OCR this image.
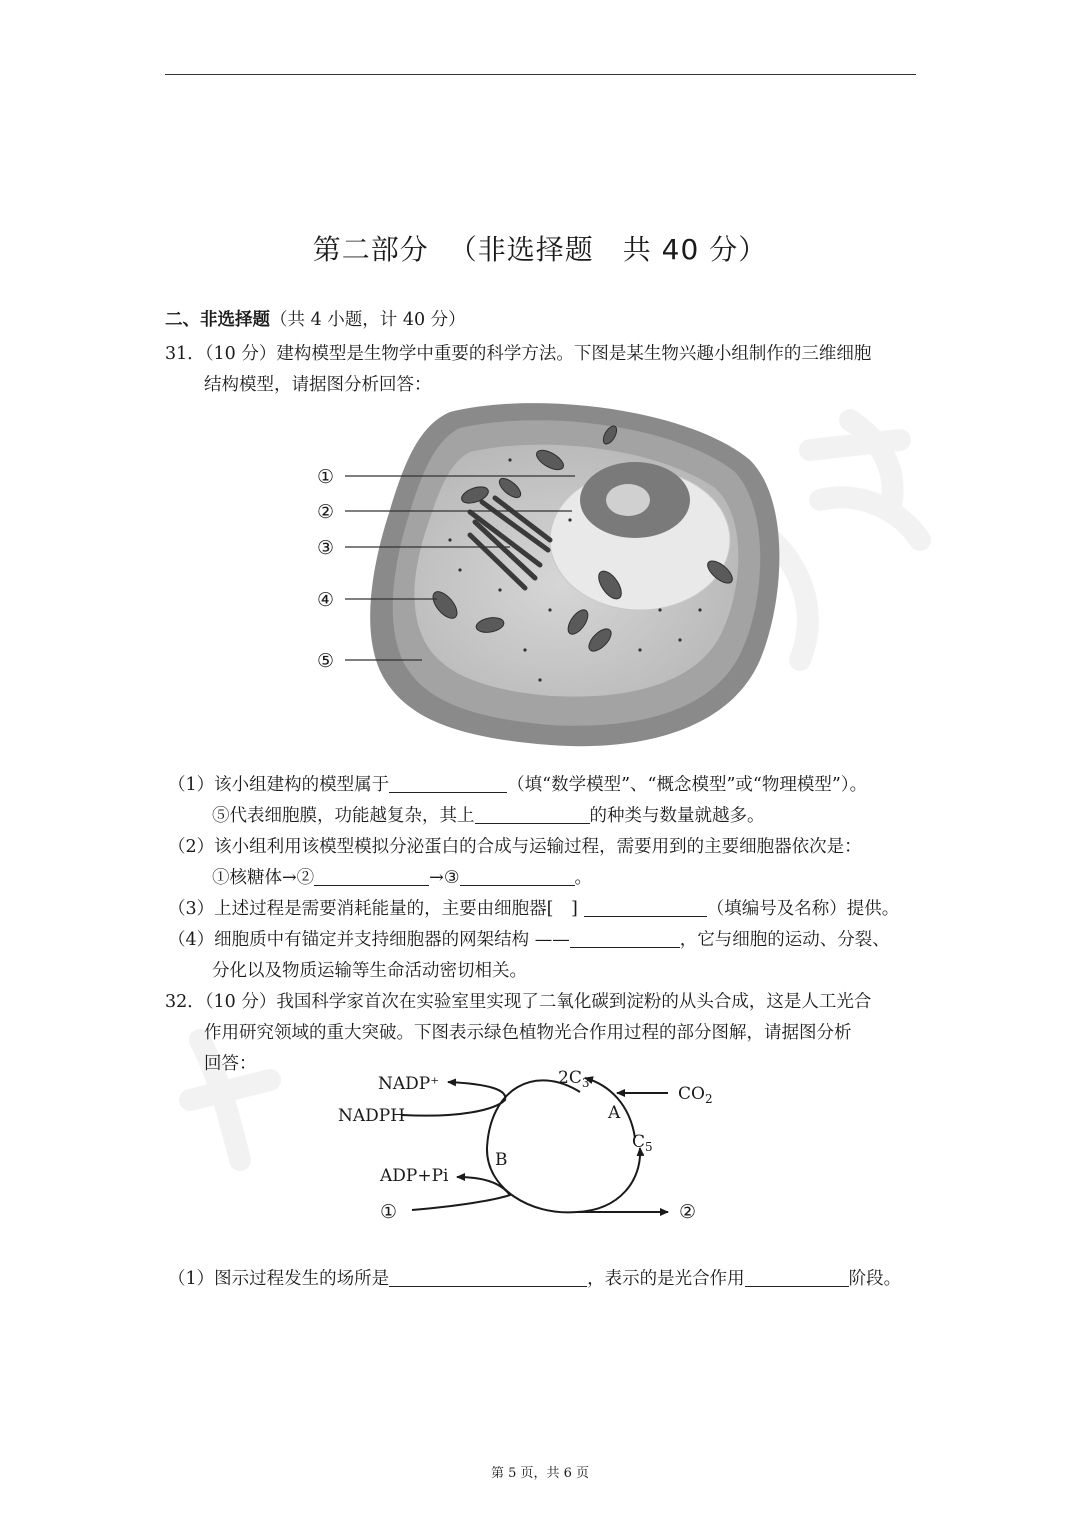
第二部分 （非选择题　共 40 分）
二、非选择题（共 4 小题，计 40 分）
31．（10 分）建构模型是生物学中重要的科学方法。下图是某生物兴趣小组制作的三维细胞
结构模型，请据图分析回答：
①
②
③
④
⑤
（1）该小组建构的模型属于	（填“数学模型”、“概念模型”或“物理模型”）。
⑤代表细胞膜，功能越复杂，其上	的种类与数量就越多。
（2）该小组利用该模型模拟分泌蛋白的合成与运输过程，需要用到的主要细胞器依次是：
①核糖体→②	→③	。
（3）上述过程是需要消耗能量的，主要由细胞器[　]	（填编号及名称）提供。
（4）细胞质中有锚定并支持细胞器的网架结构 ——	，它与细胞的运动、分裂、
分化以及物质运输等生命活动密切相关。
32．（10 分）我国科学家首次在实验室里实现了二氧化碳到淀粉的从头合成，这是人工光合
作用研究领域的重大突破。下图表示绿色植物光合作用过程的部分图解，请据图分析
回答：
NADP⁺
NADPH
$2C_3$
$CO_2$
A
$C_5$
B
ADP+Pi
①	②
（1）图示过程发生的场所是	，表示的是光合作用	阶段。
第 5 页，共 6 页
